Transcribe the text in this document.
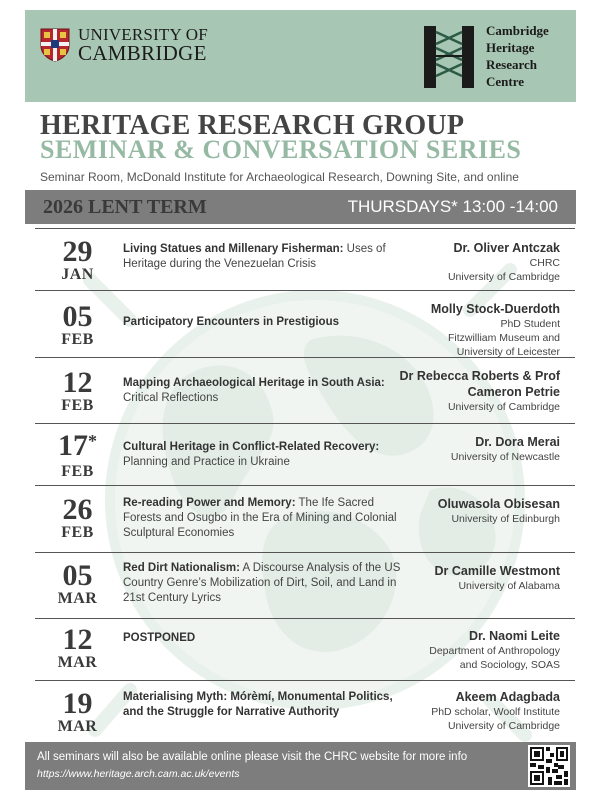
UNIVERSITY OF
CAMBRIDGE
Cambridge
Heritage
Research
Centre
HERITAGE RESEARCH GROUP
SEMINAR & CONVERSATION SERIES
Seminar Room, McDonald Institute for Archaeological Research, Downing Site, and online
2026 LENT TERM	THURSDAYS* 13:00 -14:00
29
JAN
Living Statues and Millenary Fisherman: Uses of Heritage during the Venezuelan Crisis
Dr. Oliver Antczak
CHRC
University of Cambridge
05
FEB
Participatory Encounters in Prestigious
Molly Stock-Duerdoth
PhD Student
Fitzwilliam Museum and
University of Leicester
12
FEB
Mapping Archaeological Heritage in South Asia: Critical Reflections
Dr Rebecca Roberts & Prof Cameron Petrie
University of Cambridge
17*
FEB
Cultural Heritage in Conflict-Related Recovery: Planning and Practice in Ukraine
Dr. Dora Merai
University of Newcastle
26
FEB
Re-reading Power and Memory: The Ife Sacred Forests and Osugbo in the Era of Mining and Colonial Sculptural Economies
Oluwasola Obisesan
University of Edinburgh
05
MAR
Red Dirt Nationalism: A Discourse Analysis of the US Country Genre’s Mobilization of Dirt, Soil, and Land in 21st Century Lyrics
Dr Camille Westmont
University of Alabama
12
MAR
POSTPONED	Dr. Naomi Leite
Department of Anthropology
and Sociology, SOAS
19
MAR
Materialising Myth: Mórèmí, Monumental Politics, and the Struggle for Narrative Authority
Akeem Adagbada
PhD scholar, Woolf Institute
University of Cambridge
All seminars will also be available online please visit the CHRC website for more info
https://www.heritage.arch.cam.ac.uk/events
